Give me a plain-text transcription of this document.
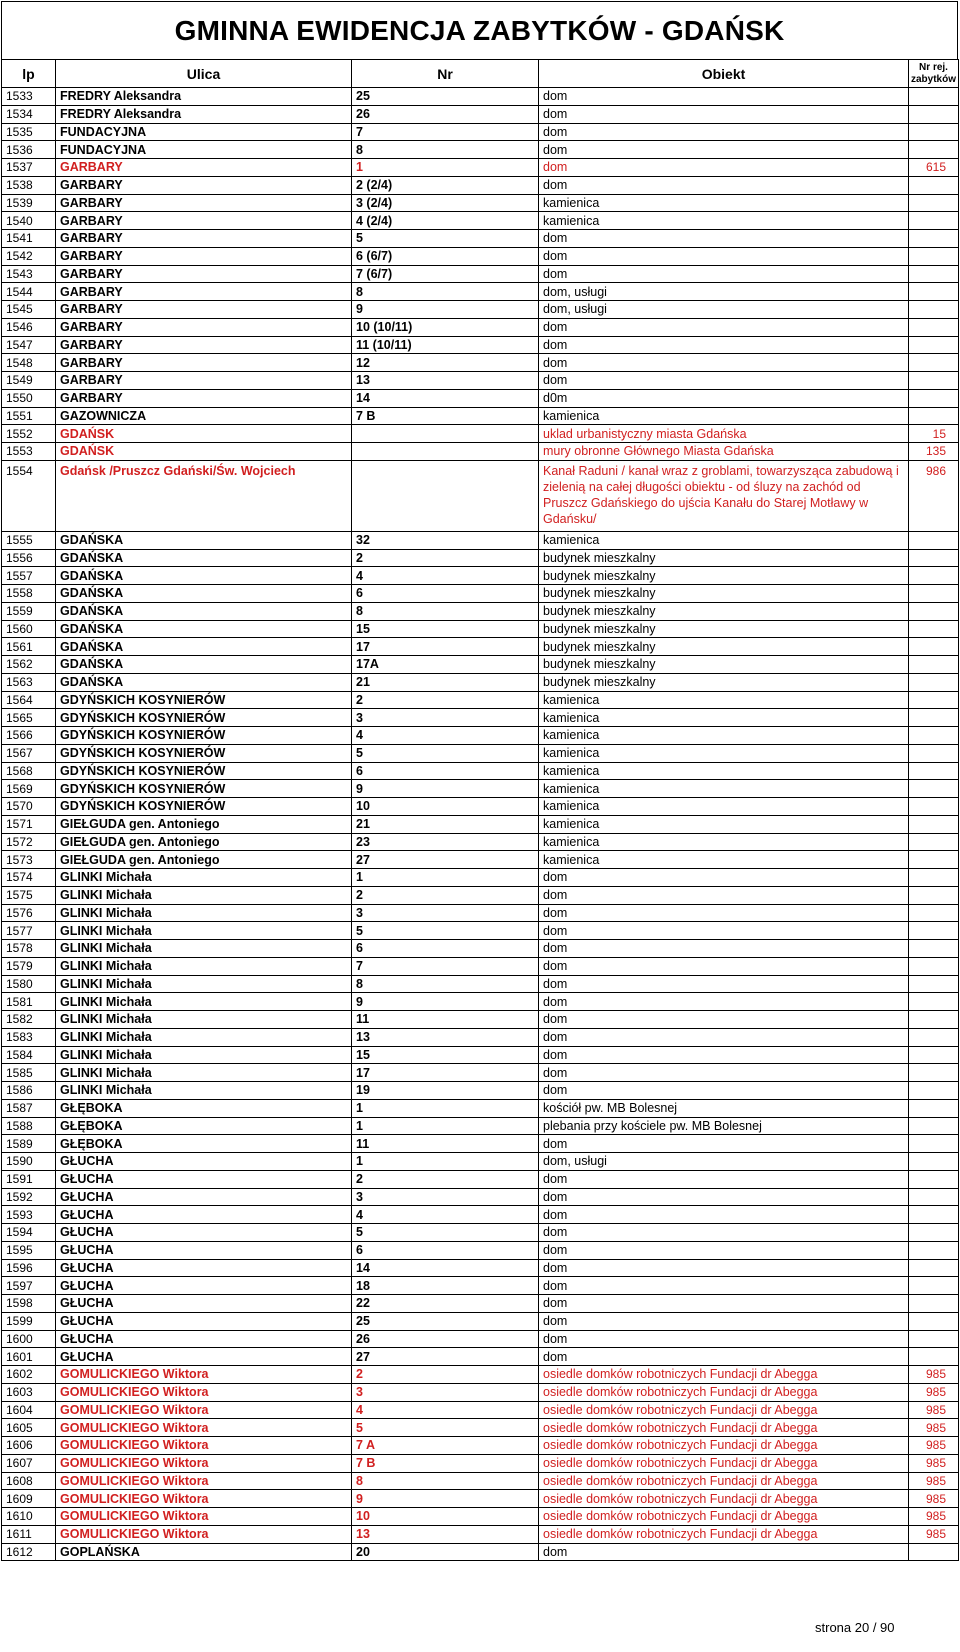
GMINNA EWIDENCJA ZABYTKÓW - GDAŃSK
lp	Ulica	Nr	Obiekt	Nr rej.
zabytków
1533	FREDRY Aleksandra	25	dom	
1534	FREDRY Aleksandra	26	dom	
1535	FUNDACYJNA	7	dom	
1536	FUNDACYJNA	8	dom	
1537	GARBARY	1	dom	615
1538	GARBARY	2 (2/4)	dom	
1539	GARBARY	3 (2/4)	kamienica	
1540	GARBARY	4 (2/4)	kamienica	
1541	GARBARY	5	dom	
1542	GARBARY	6 (6/7)	dom	
1543	GARBARY	7 (6/7)	dom	
1544	GARBARY	8	dom, usługi	
1545	GARBARY	9	dom, usługi	
1546	GARBARY	10 (10/11)	dom	
1547	GARBARY	11 (10/11)	dom	
1548	GARBARY	12	dom	
1549	GARBARY	13	dom	
1550	GARBARY	14	d0m	
1551	GAZOWNICZA	7 B	kamienica	
1552	GDAŃSK		uklad urbanistyczny miasta Gdańska	15
1553	GDAŃSK		mury obronne Głównego Miasta Gdańska	135
1554	Gdańsk /Pruszcz Gdański/Św. Wojciech		Kanał Raduni / kanał wraz z groblami, towarzysząca zabudową i zielenią na całej długości obiektu - od śluzy na zachód od Pruszcz Gdańskiego do ujścia Kanału do Starej Motławy w Gdańsku/	986
1555	GDAŃSKA	32	kamienica	
1556	GDAŃSKA	2	budynek mieszkalny	
1557	GDAŃSKA	4	budynek mieszkalny	
1558	GDAŃSKA	6	budynek mieszkalny	
1559	GDAŃSKA	8	budynek mieszkalny	
1560	GDAŃSKA	15	budynek mieszkalny	
1561	GDAŃSKA	17	budynek mieszkalny	
1562	GDAŃSKA	17A	budynek mieszkalny	
1563	GDAŃSKA	21	budynek mieszkalny	
1564	GDYŃSKICH KOSYNIERÓW	2	kamienica	
1565	GDYŃSKICH KOSYNIERÓW	3	kamienica	
1566	GDYŃSKICH KOSYNIERÓW	4	kamienica	
1567	GDYŃSKICH KOSYNIERÓW	5	kamienica	
1568	GDYŃSKICH KOSYNIERÓW	6	kamienica	
1569	GDYŃSKICH KOSYNIERÓW	9	kamienica	
1570	GDYŃSKICH KOSYNIERÓW	10	kamienica	
1571	GIEŁGUDA gen. Antoniego	21	kamienica	
1572	GIEŁGUDA gen. Antoniego	23	kamienica	
1573	GIEŁGUDA gen. Antoniego	27	kamienica	
1574	GLINKI Michała	1	dom	
1575	GLINKI Michała	2	dom	
1576	GLINKI Michała	3	dom	
1577	GLINKI Michała	5	dom	
1578	GLINKI Michała	6	dom	
1579	GLINKI Michała	7	dom	
1580	GLINKI Michała	8	dom	
1581	GLINKI Michała	9	dom	
1582	GLINKI Michała	11	dom	
1583	GLINKI Michała	13	dom	
1584	GLINKI Michała	15	dom	
1585	GLINKI Michała	17	dom	
1586	GLINKI Michała	19	dom	
1587	GŁĘBOKA	1	kościół pw. MB Bolesnej	
1588	GŁĘBOKA	1	plebania przy kościele pw. MB Bolesnej	
1589	GŁĘBOKA	11	dom	
1590	GŁUCHA	1	dom, usługi	
1591	GŁUCHA	2	dom	
1592	GŁUCHA	3	dom	
1593	GŁUCHA	4	dom	
1594	GŁUCHA	5	dom	
1595	GŁUCHA	6	dom	
1596	GŁUCHA	14	dom	
1597	GŁUCHA	18	dom	
1598	GŁUCHA	22	dom	
1599	GŁUCHA	25	dom	
1600	GŁUCHA	26	dom	
1601	GŁUCHA	27	dom	
1602	GOMULICKIEGO Wiktora	2	osiedle domków robotniczych Fundacji dr Abegga	985
1603	GOMULICKIEGO Wiktora	3	osiedle domków robotniczych Fundacji dr Abegga	985
1604	GOMULICKIEGO Wiktora	4	osiedle domków robotniczych Fundacji dr Abegga	985
1605	GOMULICKIEGO Wiktora	5	osiedle domków robotniczych Fundacji dr Abegga	985
1606	GOMULICKIEGO Wiktora	7 A	osiedle domków robotniczych Fundacji dr Abegga	985
1607	GOMULICKIEGO Wiktora	7 B	osiedle domków robotniczych Fundacji dr Abegga	985
1608	GOMULICKIEGO Wiktora	8	osiedle domków robotniczych Fundacji dr Abegga	985
1609	GOMULICKIEGO Wiktora	9	osiedle domków robotniczych Fundacji dr Abegga	985
1610	GOMULICKIEGO Wiktora	10	osiedle domków robotniczych Fundacji dr Abegga	985
1611	GOMULICKIEGO Wiktora	13	osiedle domków robotniczych Fundacji dr Abegga	985
1612	GOPLAŃSKA	20	dom	
strona 20 / 90
